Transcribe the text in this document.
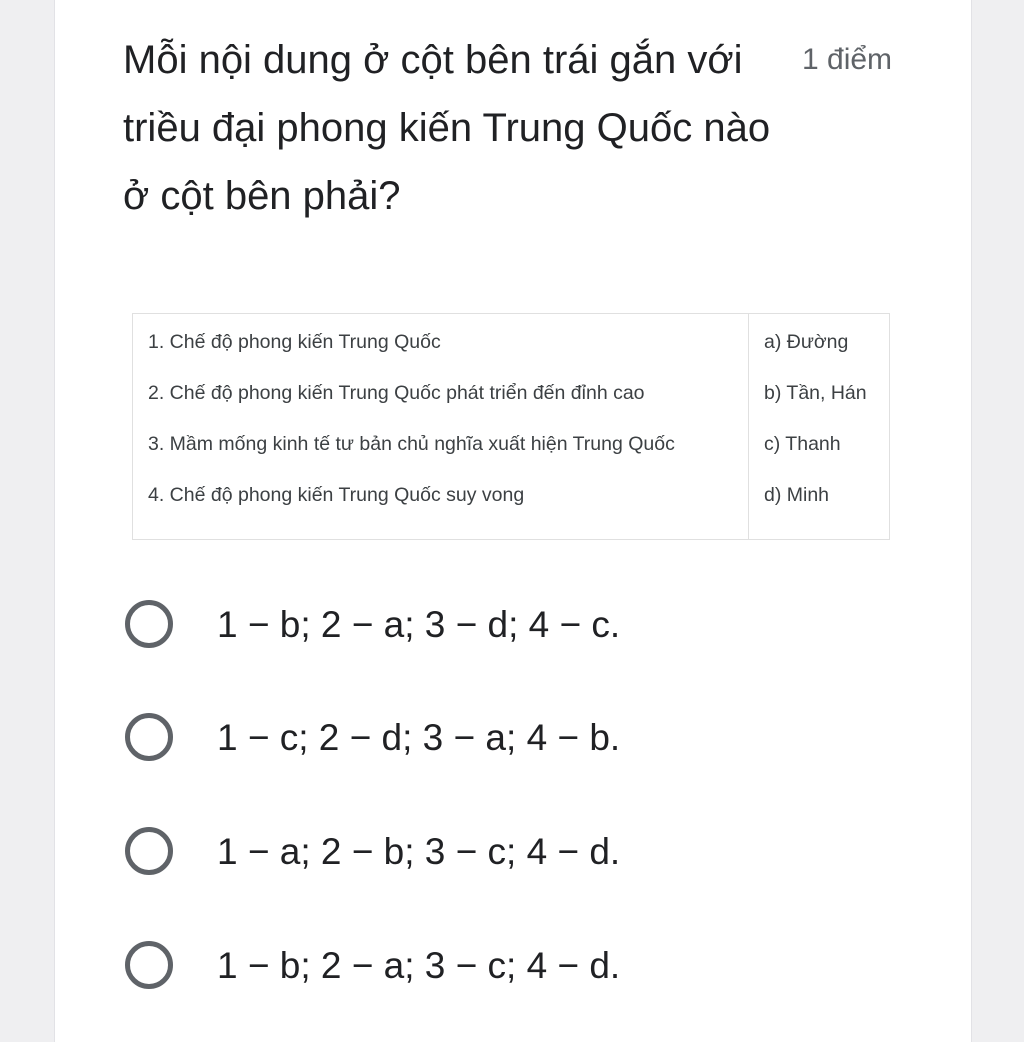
Mỗi nội dung ở cột bên trái gắn với triều đại phong kiến Trung Quốc nào ở cột bên phải?
1 điểm
1. Chế độ phong kiến Trung Quốc	a) Đường
2. Chế độ phong kiến Trung Quốc phát triển đến đỉnh cao	b) Tần, Hán
3. Mầm mống kinh tế tư bản chủ nghĩa xuất hiện Trung Quốc	c) Thanh
4. Chế độ phong kiến Trung Quốc suy vong	d) Minh
1 − b; 2 − a; 3 − d; 4 − c.
1 − c; 2 − d; 3 − a; 4 − b.
1 − a; 2 − b; 3 − c; 4 − d.
1 − b; 2 − a; 3 − c; 4 − d.
